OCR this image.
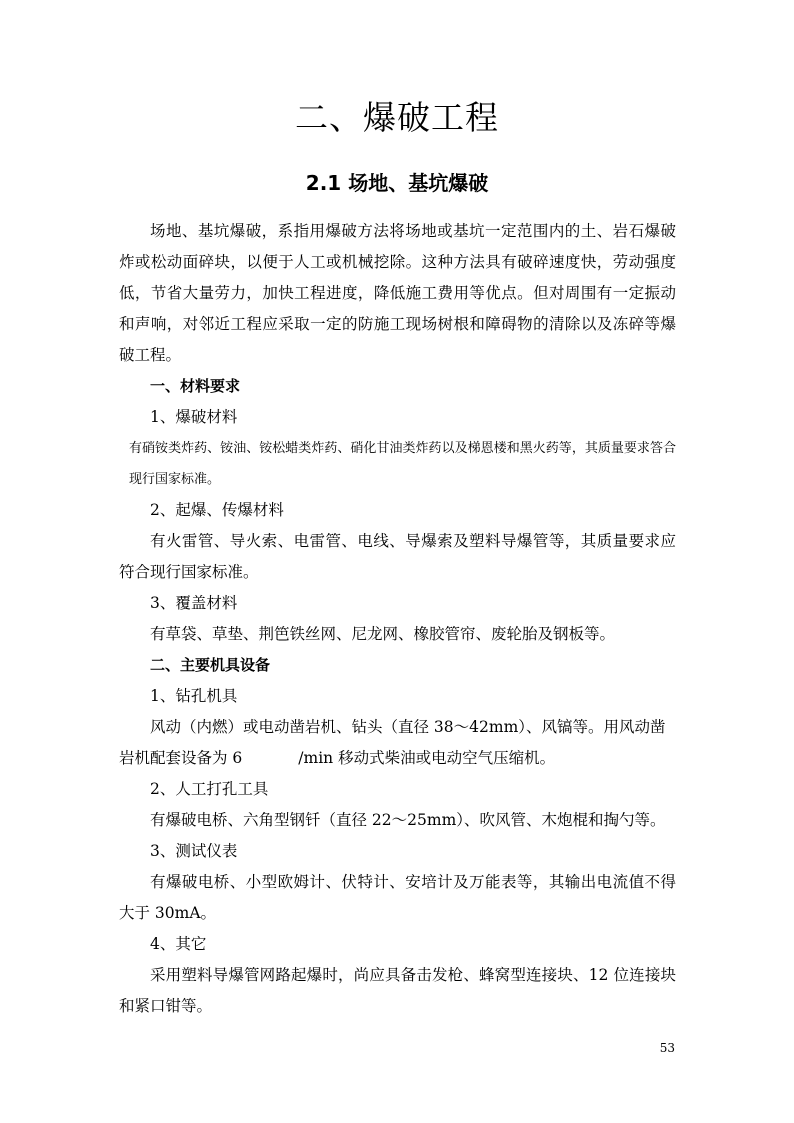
二、爆破工程
2.1 场地、基坑爆破

场地、基坑爆破，系指用爆破方法将场地或基坑一定范围内的土、岩石爆破炸或松动面碎块，以便于人工或机械挖除。这种方法具有破碎速度快，劳动强度低，节省大量劳力，加快工程进度，降低施工费用等优点。但对周围有一定振动和声响，对邻近工程应采取一定的防施工现场树根和障碍物的清除以及冻碎等爆破工程。

一、材料要求

1、爆破材料

有硝铵类炸药、铵油、铵松蜡类炸药、硝化甘油类炸药以及梯恩楼和黑火药等，其质量要求答合现行国家标准。

2、起爆、传爆材料

有火雷管、导火索、电雷管、电线、导爆索及塑料导爆管等，其质量要求应符合现行国家标准。

3、覆盖材料

有草袋、草垫、荆笆铁丝网、尼龙网、橡胶管帘、废轮胎及钢板等。

二、主要机具设备

1、钻孔机具

风动（内燃）或电动凿岩机、钻头（直径 38～42mm）、风镐等。用风动凿

岩机配套设备为 6	/min 移动式柴油或电动空气压缩机。

2、人工打孔工具

有爆破电桥、六角型钢钎（直径 22～25mm）、吹风管、木炮棍和掏勺等。

3、测试仪表

有爆破电桥、小型欧姆计、伏特计、安培计及万能表等，其输出电流值不得大于 30mA。

4、其它

采用塑料导爆管网路起爆时，尚应具备击发枪、蜂窝型连接块、12 位连接块和紧口钳等。

53
